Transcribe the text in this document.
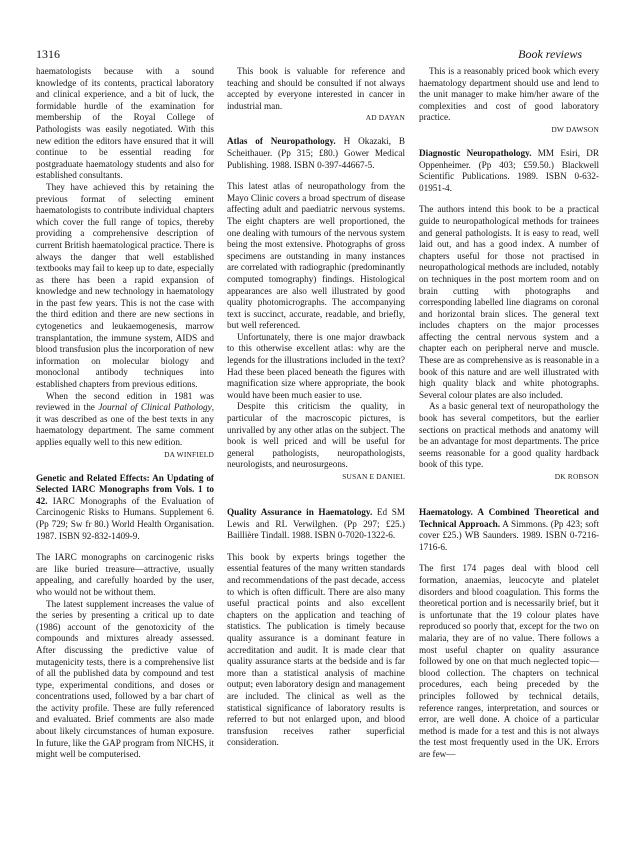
1316	Book reviews

haematologists because with a sound knowledge of its contents, practical laboratory and clinical experience, and a bit of luck, the formidable hurdle of the examination for membership of the Royal College of Pathologists was easily negotiated. With this new edition the editors have ensured that it will continue to be essential reading for postgraduate haematology students and also for established consultants.

They have achieved this by retaining the previous format of selecting eminent haematologists to contribute individual chapters which cover the full range of topics, thereby providing a comprehensive description of current British haematological practice. There is always the danger that well established textbooks may fail to keep up to date, especially as there has been a rapid expansion of knowledge and new technology in haematology in the past few years. This is not the case with the third edition and there are new sections in cytogenetics and leukaemogenesis, marrow transplantation, the immune system, AIDS and blood transfusion plus the incorporation of new information on molecular biology and monoclonal antibody techniques into established chapters from previous editions.

When the second edition in 1981 was reviewed in the Journal of Clinical Pathology, it was described as one of the best texts in any haematology department. The same comment applies equally well to this new edition.

DA WINFIELD

Genetic and Related Effects: An Updating of Selected IARC Monographs from Vols. 1 to 42. IARC Monographs of the Evaluation of Carcinogenic Risks to Humans. Supplement 6. (Pp 729; Sw fr 80.) World Health Organisation. 1987. ISBN 92-832-1409-9.

The IARC monographs on carcinogenic risks are like buried treasure—attractive, usually appealing, and carefully hoarded by the user, who would not be without them.

The latest supplement increases the value of the series by presenting a critical up to date (1986) account of the genotoxicity of the compounds and mixtures already assessed. After discussing the predictive value of mutagenicity tests, there is a comprehensive list of all the published data by compound and test type, experimental conditions, and doses or concentrations used, followed by a bar chart of the activity profile. These are fully referenced and evaluated. Brief comments are also made about likely circumstances of human exposure. In future, like the GAP program from NICHS, it might well be computerised.

This book is valuable for reference and teaching and should be consulted if not always accepted by everyone interested in cancer in industrial man.

AD DAYAN

Atlas of Neuropathology. H Okazaki, B Scheithauer. (Pp 315; £80.) Gower Medical Publishing. 1988. ISBN 0-397-44667-5.

This latest atlas of neuropathology from the Mayo Clinic covers a broad spectrum of disease affecting adult and paediatric nervous systems. The eight chapters are well proportioned, the one dealing with tumours of the nervous system being the most extensive. Photographs of gross specimens are outstanding in many instances are correlated with radiographic (predominantly computed tomography) findings. Histological appearances are also well illustrated by good quality photomicrographs. The accompanying text is succinct, accurate, readable, and briefly, but well referenced.

Unfortunately, there is one major drawback to this otherwise excellent atlas: why are the legends for the illustrations included in the text? Had these been placed beneath the figures with magnification size where appropriate, the book would have been much easier to use.

Despite this criticism the quality, in particular of the macroscopic pictures, is unrivalled by any other atlas on the subject. The book is well priced and will be useful for general pathologists, neuropathologists, neurologists, and neurosurgeons.

SUSAN E DANIEL

Quality Assurance in Haematology. Ed SM Lewis and RL Verwilghen. (Pp 297; £25.) Baillière Tindall. 1988. ISBN 0-7020-1322-6.

This book by experts brings together the essential features of the many written standards and recommendations of the past decade, access to which is often difficult. There are also many useful practical points and also excellent chapters on the application and teaching of statistics. The publication is timely because quality assurance is a dominant feature in accreditation and audit. It is made clear that quality assurance starts at the bedside and is far more than a statistical analysis of machine output; even laboratory design and management are included. The clinical as well as the statistical significance of laboratory results is referred to but not enlarged upon, and blood transfusion receives rather superficial consideration.

This is a reasonably priced book which every haematology department should use and lend to the unit manager to make him/her aware of the complexities and cost of good laboratory practice.

DW DAWSON

Diagnostic Neuropathology. MM Esiri, DR Oppenheimer. (Pp 403; £59.50.) Blackwell Scientific Publications. 1989. ISBN 0-632-01951-4.

The authors intend this book to be a practical guide to neuropathological methods for trainees and general pathologists. It is easy to read, well laid out, and has a good index. A number of chapters useful for those not practised in neuropathological methods are included, notably on techniques in the post mortem room and on brain cutting with photographs and corresponding labelled line diagrams on coronal and horizontal brain slices. The general text includes chapters on the major processes affecting the central nervous system and a chapter each on peripheral nerve and muscle. These are as comprehensive as is reasonable in a book of this nature and are well illustrated with high quality black and white photographs. Several colour plates are also included.

As a basic general text of neuropathology the book has several competitors, but the earlier sections on practical methods and anatomy will be an advantage for most departments. The price seems reasonable for a good quality hardback book of this type.

DK ROBSON

Haematology. A Combined Theoretical and Technical Approach. A Simmons. (Pp 423; soft cover £25.) WB Saunders. 1989. ISBN 0-7216-1716-6.

The first 174 pages deal with blood cell formation, anaemias, leucocyte and platelet disorders and blood coagulation. This forms the theoretical portion and is necessarily brief, but it is unfortunate that the 19 colour plates have reproduced so poorly that, except for the two on malaria, they are of no value. There follows a most useful chapter on quality assurance followed by one on that much neglected topic—blood collection. The chapters on technical procedures, each being preceded by the principles followed by technical details, reference ranges, interpretation, and sources or error, are well done. A choice of a particular method is made for a test and this is not always the test most frequently used in the UK. Errors are few—
